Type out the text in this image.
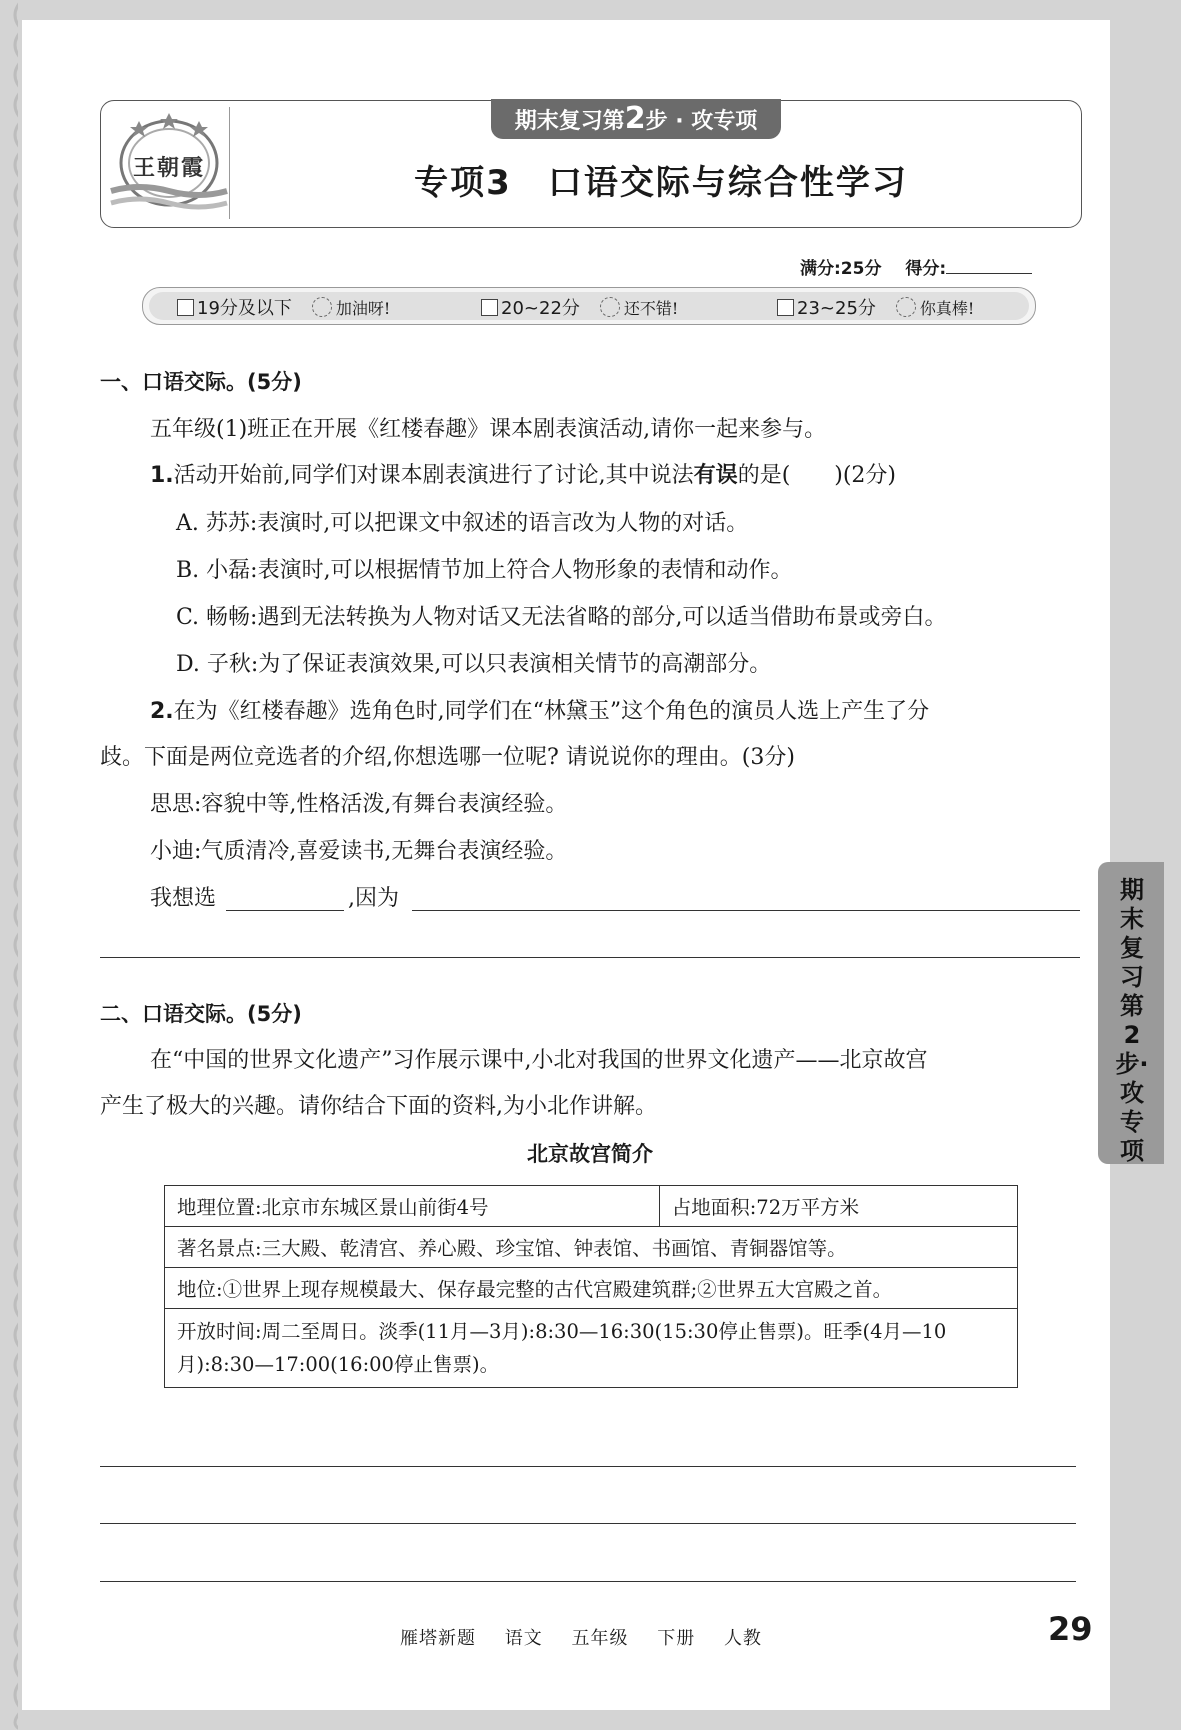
王朝霞
期末复习第2步 · 攻专项
专项3　口语交际与综合性学习
满分:25分 得分:
19分及以下	加油呀!	20~22分	还不错!	23~25分	你真棒!
一、口语交际。(5分)
五年级(1)班正在开展《红楼春趣》课本剧表演活动,请你一起来参与。
1.活动开始前,同学们对课本剧表演进行了讨论,其中说法有误的是(　　)(2分)
A. 苏苏:表演时,可以把课文中叙述的语言改为人物的对话。
B. 小磊:表演时,可以根据情节加上符合人物形象的表情和动作。
C. 畅畅:遇到无法转换为人物对话又无法省略的部分,可以适当借助布景或旁白。
D. 子秋:为了保证表演效果,可以只表演相关情节的高潮部分。
2.在为《红楼春趣》选角色时,同学们在“林黛玉”这个角色的演员人选上产生了分
歧。下面是两位竞选者的介绍,你想选哪一位呢? 请说说你的理由。(3分)
思思:容貌中等,性格活泼,有舞台表演经验。
小迪:气质清冷,喜爱读书,无舞台表演经验。
我想选	,因为
二、口语交际。(5分)
在“中国的世界文化遗产”习作展示课中,小北对我国的世界文化遗产——北京故宫
产生了极大的兴趣。请你结合下面的资料,为小北作讲解。
北京故宫简介
地理位置:北京市东城区景山前街4号	占地面积:72万平方米
著名景点:三大殿、乾清宫、养心殿、珍宝馆、钟表馆、书画馆、青铜器馆等。
地位:①世界上现存规模最大、保存最完整的古代宫殿建筑群;②世界五大宫殿之首。
开放时间:周二至周日。淡季(11月—3月):8:30—16:30(15:30停止售票)。旺季(4月—10月):8:30—17:00(16:00停止售票)。
期末复习第2步·攻专项
雁塔新题 语文 五年级 下册 人教	29
